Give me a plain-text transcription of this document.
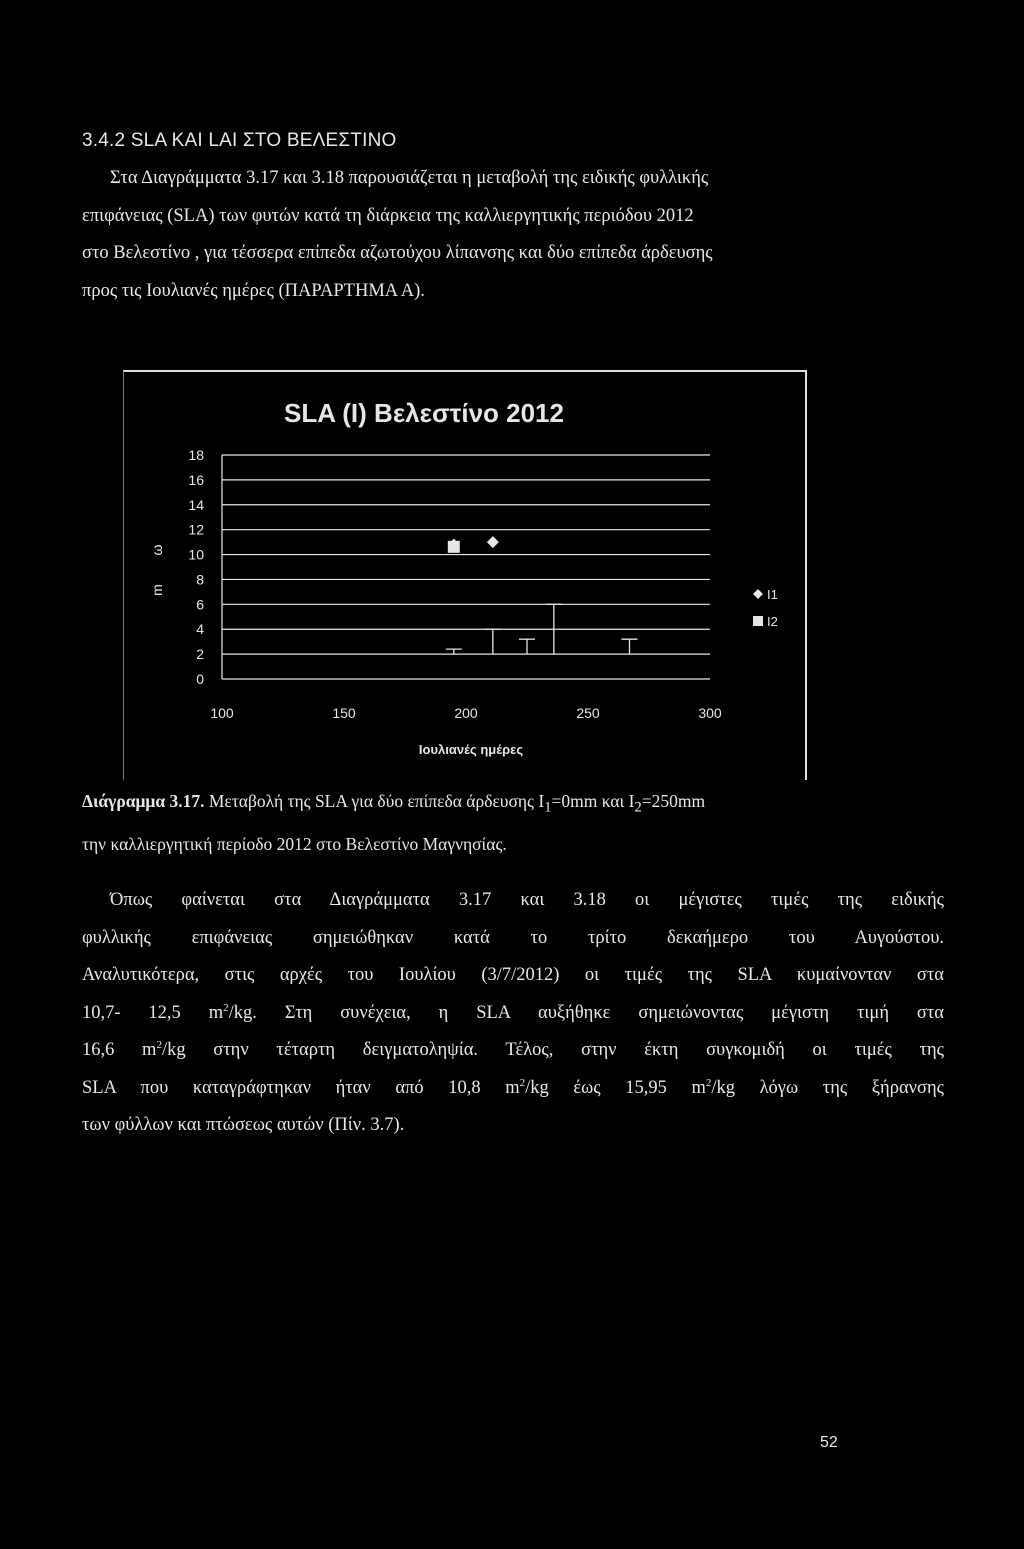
3.4.2 SLA ΚΑΙ LAI ΣΤΟ ΒΕΛΕΣΤΙΝΟ
Στα Διαγράμματα 3.17 και 3.18 παρουσιάζεται η μεταβολή της ειδικής φυλλικής
επιφάνειας (SLA) των φυτών κατά τη διάρκεια της καλλιεργητικής περιόδου 2012
στο Βελεστίνο , για τέσσερα επίπεδα αζωτούχου λίπανσης και δύο επίπεδα άρδευσης
προς τις Ιουλιανές ημέρες (ΠΑΡΑΡΤΗΜΑ Α).
SLA (I) Βελεστίνο 2012
0
2
4
6
8
10
12
14
16
18
100	150	200	250	300
Ιουλιανές ημέρες
m
ω
I1
I2
Διάγραμμα 3.17. Μεταβολή της SLA για δύο επίπεδα άρδευσης $I_1=0mm$ και $I_2=250mm$
την καλλιεργητική περίοδο 2012 στο Βελεστίνο Μαγνησίας.
Όπως φαίνεται στα Διαγράμματα 3.17 και 3.18 οι μέγιστες τιμές της ειδικής
φυλλικής επιφάνειας σημειώθηκαν κατά το τρίτο δεκαήμερο του Αυγούστου.
Αναλυτικότερα, στις αρχές του Ιουλίου (3/7/2012) οι τιμές της SLA κυμαίνονταν στα
10,7- 12,5 $m^2/kg$. Στη συνέχεια, η SLA αυξήθηκε σημειώνοντας μέγιστη τιμή στα
16,6 $m^2/kg$ στην τέταρτη δειγματοληψία. Τέλος, στην έκτη συγκομιδή οι τιμές της
SLA που καταγράφτηκαν ήταν από 10,8 $m^2/kg$ έως 15,95 $m^2/kg$ λόγω της ξήρανσης
των φύλλων και πτώσεως αυτών (Πίν. 3.7).
52
